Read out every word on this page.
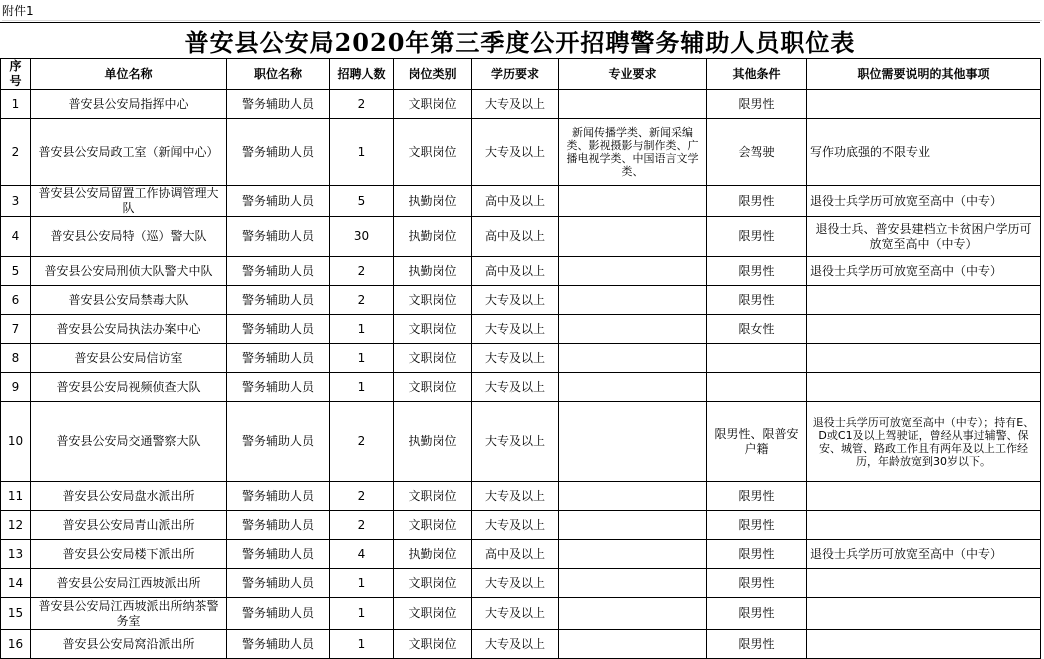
附件1
普安县公安局2020年第三季度公开招聘警务辅助人员职位表
序号	单位名称	职位名称	招聘人数	岗位类别	学历要求	专业要求	其他条件	职位需要说明的其他事项
1	普安县公安局指挥中心	警务辅助人员	2	文职岗位	大专及以上		限男性	
2	普安县公安局政工室（新闻中心）	警务辅助人员	1	文职岗位	大专及以上	新闻传播学类、新闻采编类、影视摄影与制作类、广播电视学类、中国语言文学类、	会驾驶	写作功底强的不限专业
3	普安县公安局留置工作协调管理大队	警务辅助人员	5	执勤岗位	高中及以上		限男性	退役士兵学历可放宽至高中（中专）
4	普安县公安局特（巡）警大队	警务辅助人员	30	执勤岗位	高中及以上		限男性	退役士兵、普安县建档立卡贫困户学历可放宽至高中（中专）
5	普安县公安局刑侦大队警犬中队	警务辅助人员	2	执勤岗位	高中及以上		限男性	退役士兵学历可放宽至高中（中专）
6	普安县公安局禁毒大队	警务辅助人员	2	文职岗位	大专及以上		限男性	
7	普安县公安局执法办案中心	警务辅助人员	1	文职岗位	大专及以上		限女性	
8	普安县公安局信访室	警务辅助人员	1	文职岗位	大专及以上			
9	普安县公安局视频侦查大队	警务辅助人员	1	文职岗位	大专及以上			
10	普安县公安局交通警察大队	警务辅助人员	2	执勤岗位	大专及以上		限男性、限普安户籍	退役士兵学历可放宽至高中（中专）；持有E、D或C1及以上驾驶证，曾经从事过辅警、保安、城管、路政工作且有两年及以上工作经历，年龄放宽到30岁以下。
11	普安县公安局盘水派出所	警务辅助人员	2	文职岗位	大专及以上		限男性	
12	普安县公安局青山派出所	警务辅助人员	2	文职岗位	大专及以上		限男性	
13	普安县公安局楼下派出所	警务辅助人员	4	执勤岗位	高中及以上		限男性	退役士兵学历可放宽至高中（中专）
14	普安县公安局江西坡派出所	警务辅助人员	1	文职岗位	大专及以上		限男性	
15	普安县公安局江西坡派出所纳茶警务室	警务辅助人员	1	文职岗位	大专及以上		限男性	
16	普安县公安局窝沿派出所	警务辅助人员	1	文职岗位	大专及以上		限男性	
